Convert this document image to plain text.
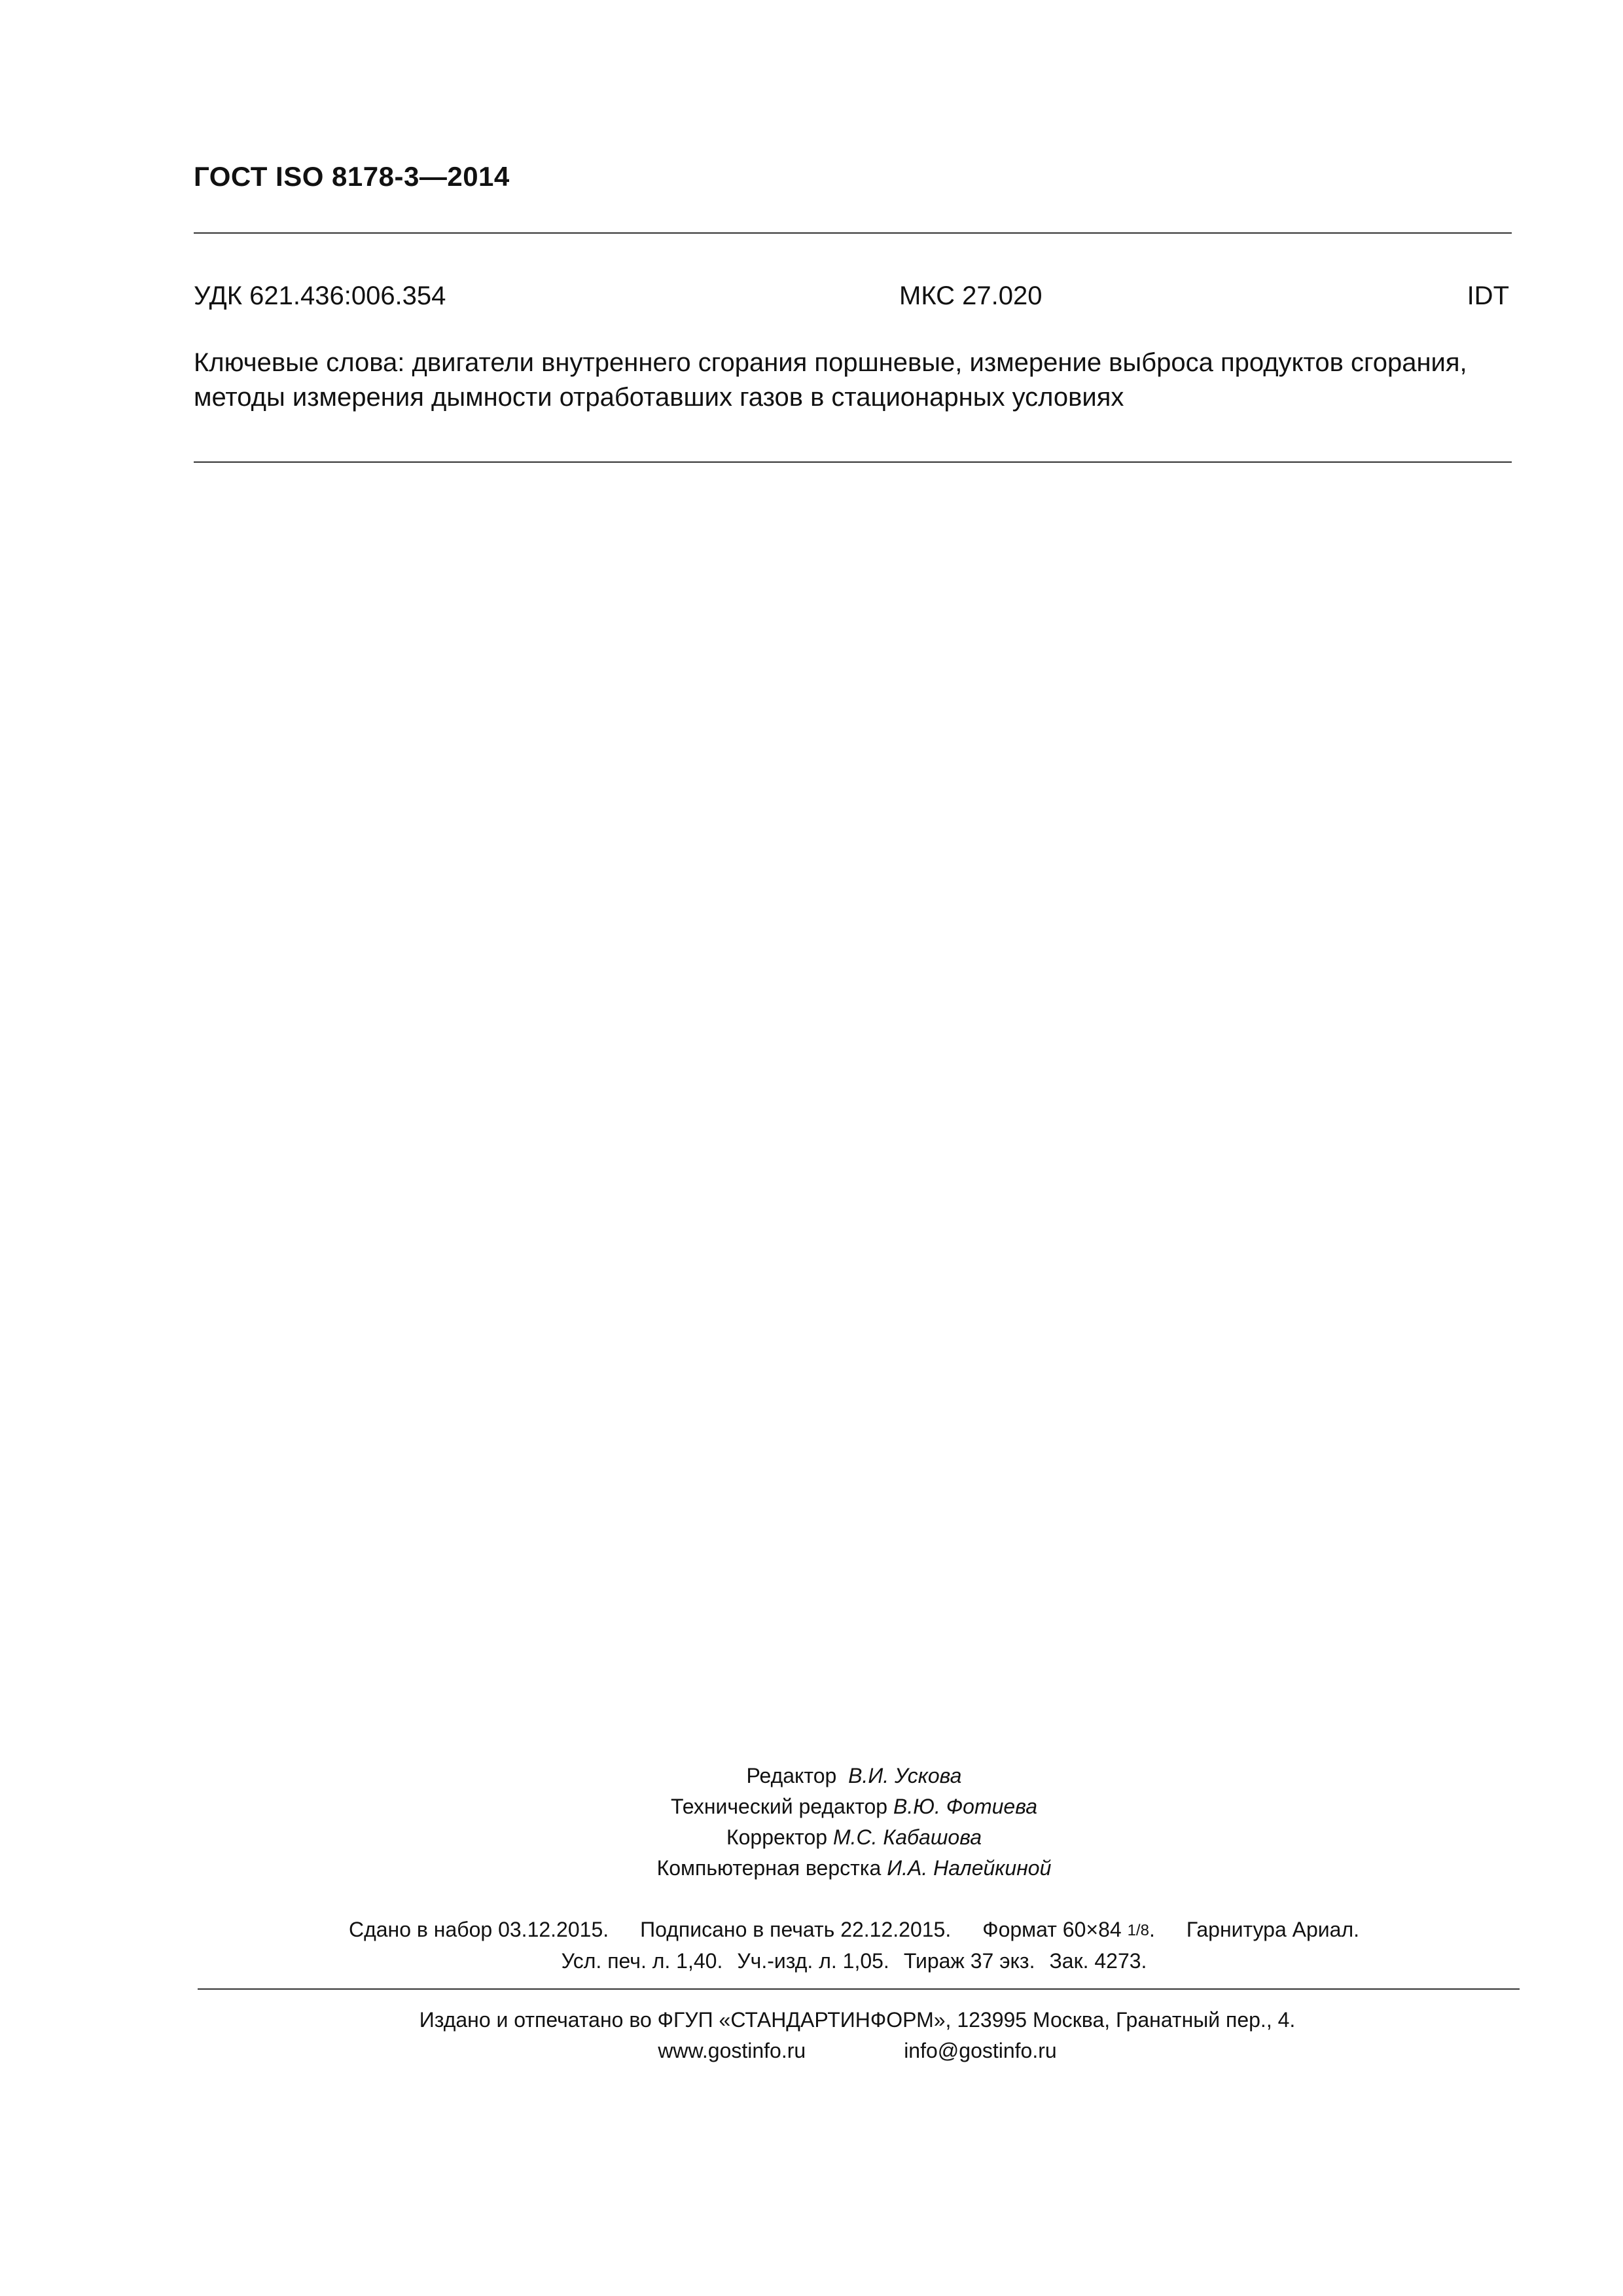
ГОСТ ISO 8178-3—2014
УДК 621.436:006.354	МКС 27.020	IDT

Ключевые слова: двигатели внутреннего сгорания поршневые, измерение выброса продуктов сгорания,

методы измерения дымности отработавших газов в стационарных условиях

Редактор В.И. Ускова
Технический редактор В.Ю. Фотиева
Корректор М.С. Кабашова
Компьютерная верстка И.А. Налейкиной
Сдано в набор 03.12.2015. Подписано в печать 22.12.2015. Формат 60×84 1/8. Гарнитура Ариал.
Усл. печ. л. 1,40. Уч.-изд. л. 1,05. Тираж 37 экз. Зак. 4273.
Издано и отпечатано во ФГУП «СТАНДАРТИНФОРМ», 123995 Москва, Гранатный пер., 4.
www.gostinfo.ru	info@gostinfo.ru
